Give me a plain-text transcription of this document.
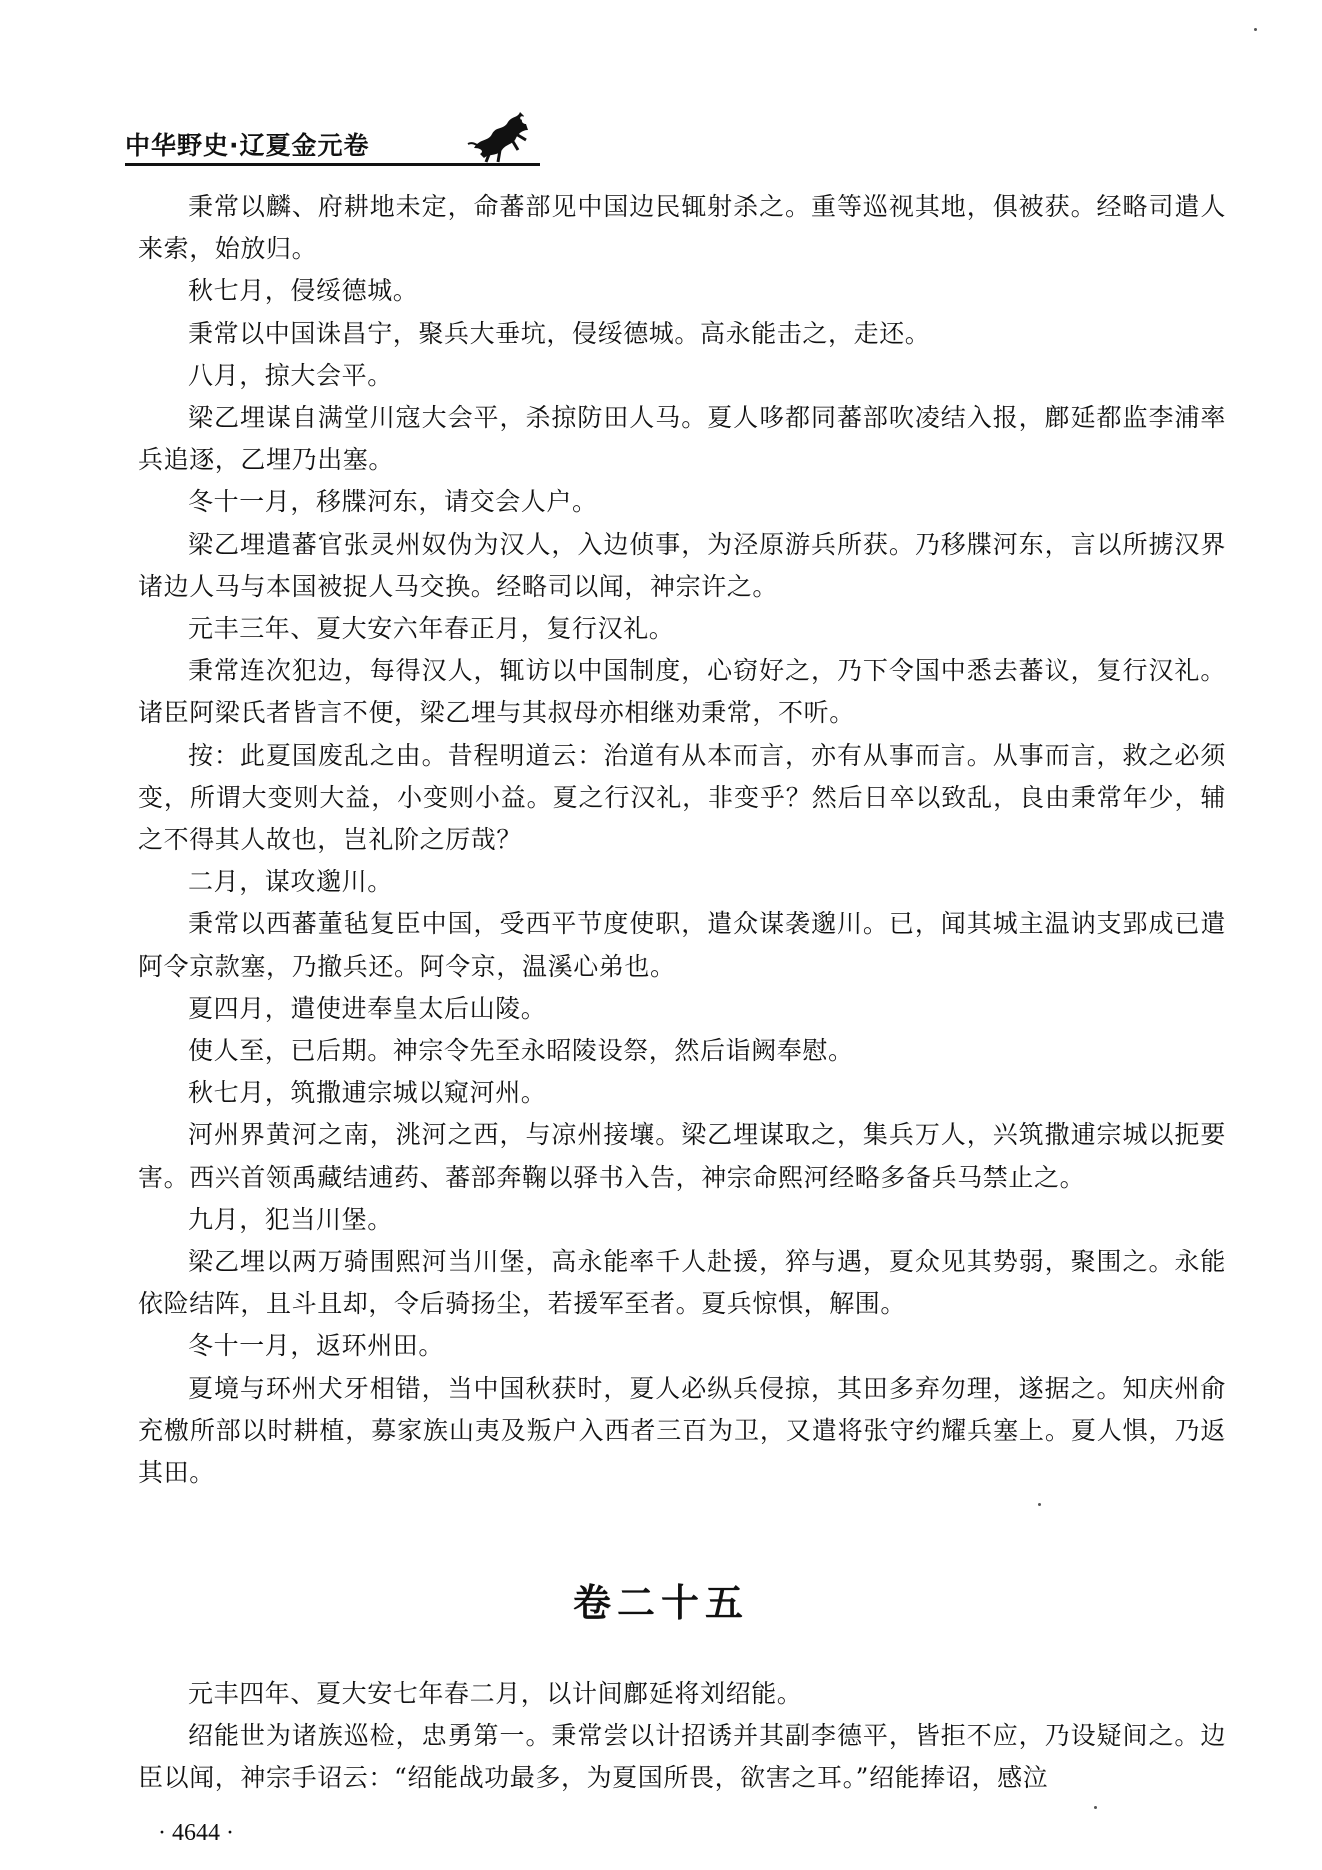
中华野史·辽夏金元卷

秉常以麟、府耕地未定，命蕃部见中国边民辄射杀之。重等巡视其地，俱被获。经略司遣人来索，始放归。

秋七月，侵绥德城。

秉常以中国诛昌宁，聚兵大垂坑，侵绥德城。高永能击之，走还。

八月，掠大会平。

梁乙埋谋自满堂川寇大会平，杀掠防田人马。夏人哆都同蕃部吹凌结入报，鄜延都监李浦率兵追逐，乙埋乃出塞。

冬十一月，移牒河东，请交会人户。

梁乙埋遣蕃官张灵州奴伪为汉人，入边侦事，为泾原游兵所获。乃移牒河东，言以所掳汉界诸边人马与本国被捉人马交换。经略司以闻，神宗许之。

元丰三年、夏大安六年春正月，复行汉礼。

秉常连次犯边，每得汉人，辄访以中国制度，心窃好之，乃下令国中悉去蕃议，复行汉礼。诸臣阿梁氏者皆言不便，梁乙埋与其叔母亦相继劝秉常，不听。

按：此夏国废乱之由。昔程明道云：治道有从本而言，亦有从事而言。从事而言，救之必须变，所谓大变则大益，小变则小益。夏之行汉礼，非变乎？然后日卒以致乱，良由秉常年少，辅之不得其人故也，岂礼阶之厉哉？

二月，谋攻邈川。

秉常以西蕃董毡复臣中国，受西平节度使职，遣众谋袭邈川。已，闻其城主温讷支郢成已遣阿令京款塞，乃撤兵还。阿令京，温溪心弟也。

夏四月，遣使进奉皇太后山陵。

使人至，已后期。神宗令先至永昭陵设祭，然后诣阙奉慰。

秋七月，筑撒逋宗城以窥河州。

河州界黄河之南，洮河之西，与凉州接壤。梁乙埋谋取之，集兵万人，兴筑撒逋宗城以扼要害。西兴首领禹藏结逋药、蕃部奔鞠以驿书入告，神宗命熙河经略多备兵马禁止之。

九月，犯当川堡。

梁乙埋以两万骑围熙河当川堡，高永能率千人赴援，猝与遇，夏众见其势弱，聚围之。永能依险结阵，且斗且却，令后骑扬尘，若援军至者。夏兵惊惧，解围。

冬十一月，返环州田。

夏境与环州犬牙相错，当中国秋获时，夏人必纵兵侵掠，其田多弃勿理，遂据之。知庆州俞充檄所部以时耕植，募家族山夷及叛户入西者三百为卫，又遣将张守约耀兵塞上。夏人惧，乃返其田。

卷二十五

元丰四年、夏大安七年春二月，以计间鄜延将刘绍能。

绍能世为诸族巡检，忠勇第一。秉常尝以计招诱并其副李德平，皆拒不应，乃设疑间之。边臣以闻，神宗手诏云：“绍能战功最多，为夏国所畏，欲害之耳。”绍能捧诏，感泣

· 4644 ·
